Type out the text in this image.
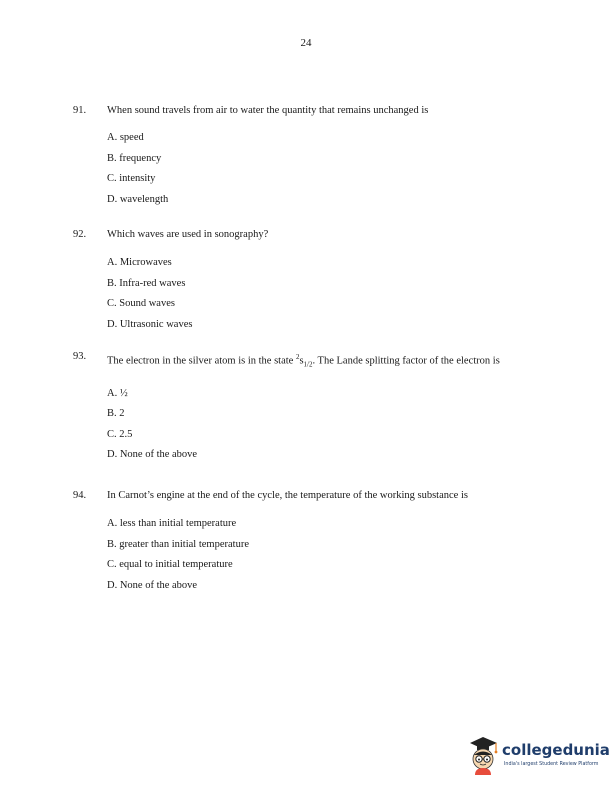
24
91.	When sound travels from air to water the quantity that remains unchanged is
A. speed
B. frequency
C. intensity
D. wavelength
92.	Which waves are used in sonography?
A. Microwaves
B. Infra-red waves
C. Sound waves
D. Ultrasonic waves
93.	The electron in the silver atom is in the state $^2s_{1/2}$. The Lande splitting factor of the electron is
A. ½
B. 2
C. 2.5
D. None of the above
94.	In Carnot’s engine at the end of the cycle, the temperature of the working substance is
A. less than initial temperature
B. greater than initial temperature
C. equal to initial temperature
D. None of the above
collegedunia
India's largest Student Review Platform
